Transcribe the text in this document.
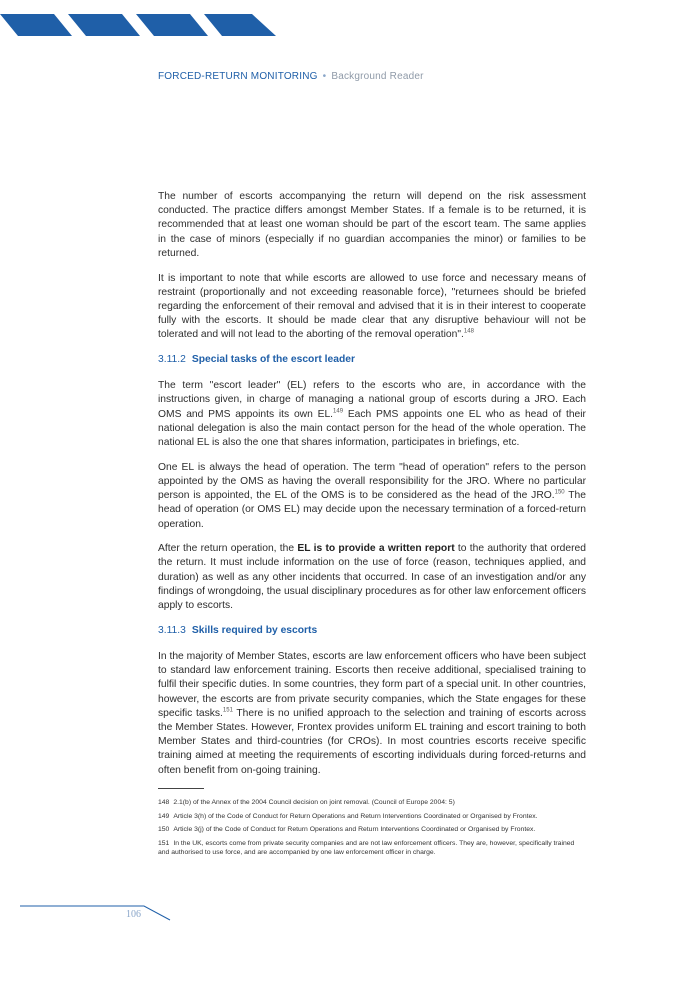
FORCED-RETURN MONITORING • Background Reader

The number of escorts accompanying the return will depend on the risk assessment conducted. The practice differs amongst Member States. If a female is to be returned, it is recommended that at least one woman should be part of the escort team. The same applies in the case of minors (especially if no guardian accompanies the minor) or families to be returned.

It is important to note that while escorts are allowed to use force and necessary means of restraint (proportionally and not exceeding reasonable force), "returnees should be briefed regarding the enforcement of their removal and advised that it is in their interest to cooperate fully with the escorts. It should be made clear that any disruptive behaviour will not be tolerated and will not lead to the aborting of the removal operation".$^{148}$

3.11.2 Special tasks of the escort leader

The term "escort leader" (EL) refers to the escorts who are, in accordance with the instructions given, in charge of managing a national group of escorts during a JRO. Each OMS and PMS appoints its own EL.$^{149}$ Each PMS appoints one EL who as head of their national delegation is also the main contact person for the head of the whole operation. The national EL is also the one that shares information, participates in briefings, etc.

One EL is always the head of operation. The term "head of operation" refers to the person appointed by the OMS as having the overall responsibility for the JRO. Where no particular person is appointed, the EL of the OMS is to be considered as the head of the JRO.$^{150}$ The head of operation (or OMS EL) may decide upon the necessary termination of a forced-return operation.

After the return operation, the EL is to provide a written report to the authority that ordered the return. It must include information on the use of force (reason, techniques applied, and duration) as well as any other incidents that occurred. In case of an investigation and/or any findings of wrongdoing, the usual disciplinary procedures as for other law enforcement officers apply to escorts.

3.11.3 Skills required by escorts

In the majority of Member States, escorts are law enforcement officers who have been subject to standard law enforcement training. Escorts then receive additional, specialised training to fulfil their specific duties. In some countries, they form part of a special unit. In other countries, however, the escorts are from private security companies, which the State engages for these specific tasks.$^{151}$ There is no unified approach to the selection and training of escorts across the Member States. However, Frontex provides uniform EL training and escort training to both Member States and third-countries (for CROs). In most countries escorts receive specific training aimed at meeting the requirements of escorting individuals during forced-returns and often benefit from on-going training.

148 2.1(b) of the Annex of the 2004 Council decision on joint removal. (Council of Europe 2004: 5)
149 Article 3(h) of the Code of Conduct for Return Operations and Return Interventions Coordinated or Organised by Frontex.
150 Article 3(j) of the Code of Conduct for Return Operations and Return Interventions Coordinated or Organised by Frontex.
151 In the UK, escorts come from private security companies and are not law enforcement officers. They are, however, specifically trained and authorised to use force, and are accompanied by one law enforcement officer in charge.
106
